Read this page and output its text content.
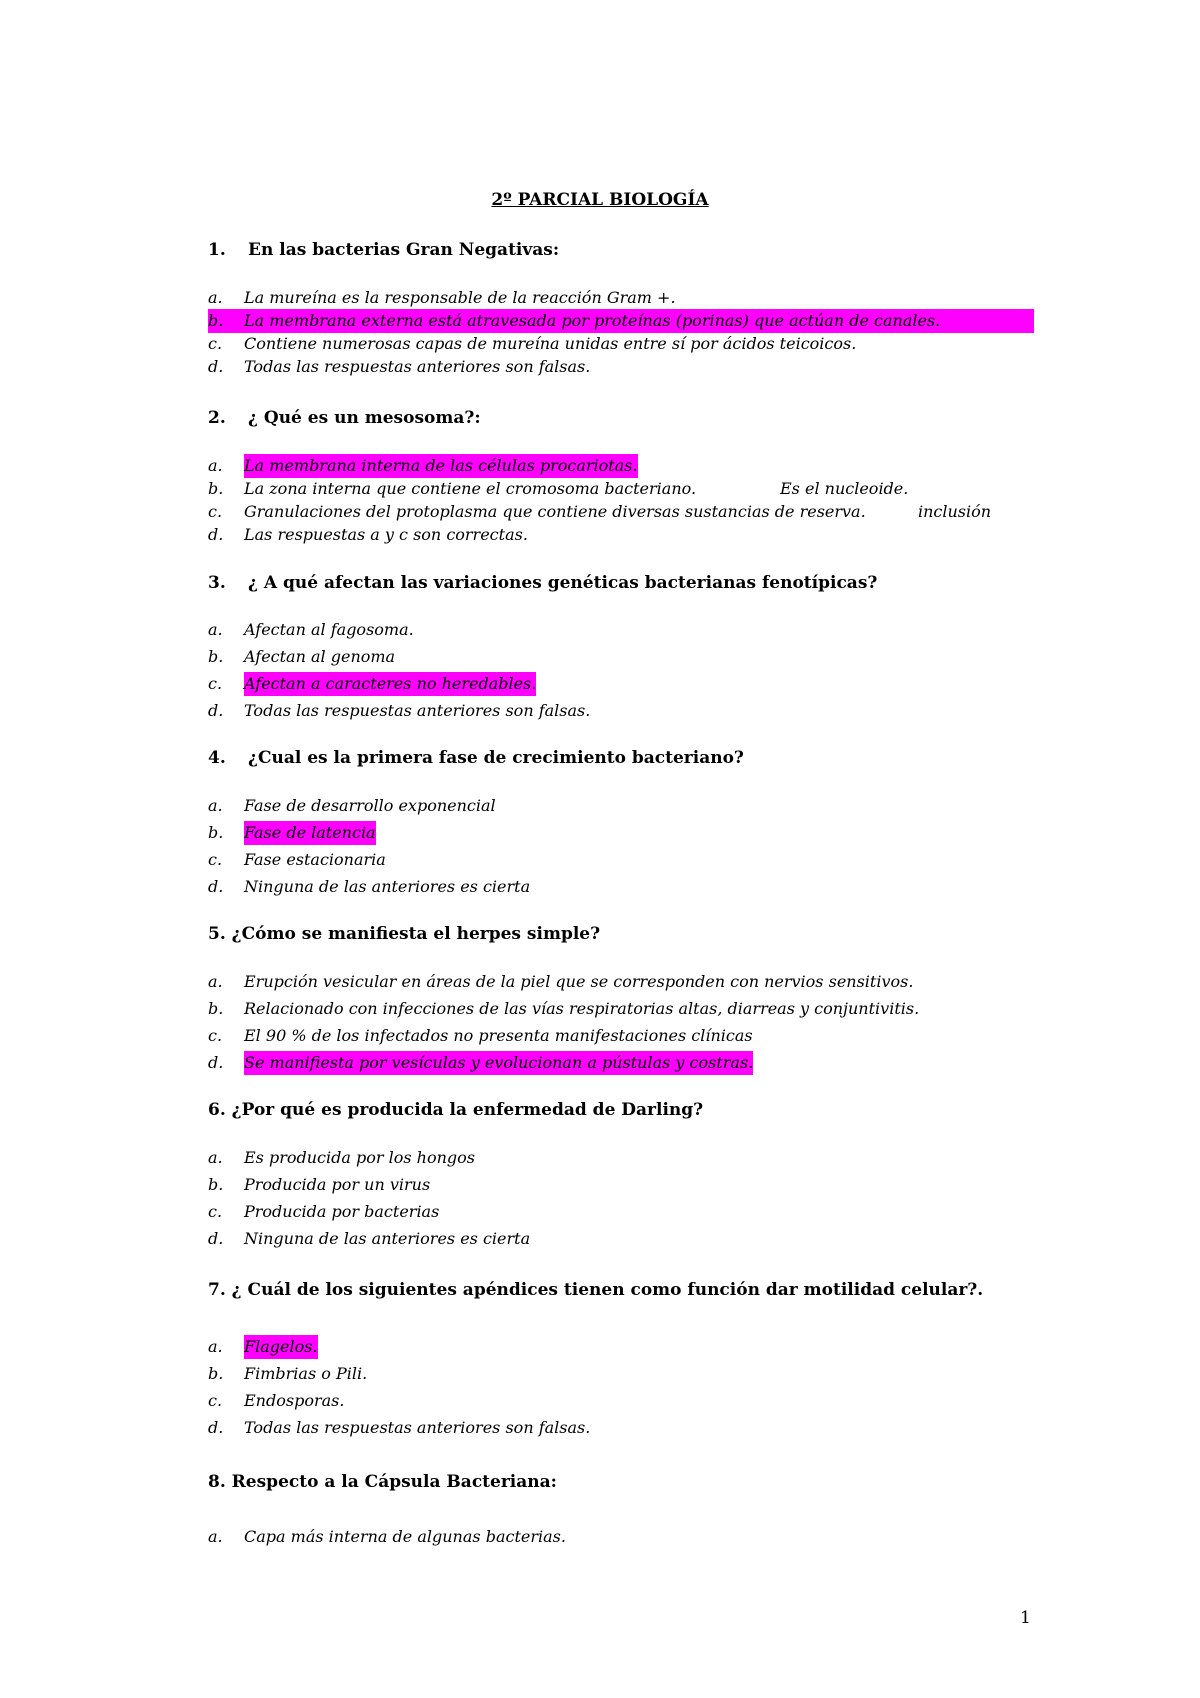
2º PARCIAL BIOLOGÍA
1. En las bacterias Gran Negativas:
a. La mureína es la responsable de la reacción Gram +.
b. La membrana externa está atravesada por proteínas (porinas) que actúan de canales.
c. Contiene numerosas capas de mureína unidas entre sí por ácidos teicoicos.
d. Todas las respuestas anteriores son falsas.
2. ¿ Qué es un mesosoma?:
a. La membrana interna de las células procariotas.
b. La zona interna que contiene el cromosoma bacteriano.	Es el nucleoide.
c. Granulaciones del protoplasma que contiene diversas sustancias de reserva.	inclusión
d. Las respuestas a y c son correctas.
3. ¿ A qué afectan las variaciones genéticas bacterianas fenotípicas?
a. Afectan al fagosoma.
b. Afectan al genoma
c. Afectan a caracteres no heredables.
d. Todas las respuestas anteriores son falsas.
4. ¿Cual es la primera fase de crecimiento bacteriano?
a. Fase de desarrollo exponencial
b. Fase de latencia
c. Fase estacionaria
d. Ninguna de las anteriores es cierta
5. ¿Cómo se manifiesta el herpes simple?
a. Erupción vesicular en áreas de la piel que se corresponden con nervios sensitivos.
b. Relacionado con infecciones de las vías respiratorias altas, diarreas y conjuntivitis.
c. El 90 % de los infectados no presenta manifestaciones clínicas
d. Se manifiesta por vesículas y evolucionan a pústulas y costras.
6. ¿Por qué es producida la enfermedad de Darling?
a. Es producida por los hongos
b. Producida por un virus
c. Producida por bacterias
d. Ninguna de las anteriores es cierta
7. ¿ Cuál de los siguientes apéndices tienen como función dar motilidad celular?.
a. Flagelos.
b. Fimbrias o Pili.
c. Endosporas.
d. Todas las respuestas anteriores son falsas.
8. Respecto a la Cápsula Bacteriana:
a. Capa más interna de algunas bacterias.
1
